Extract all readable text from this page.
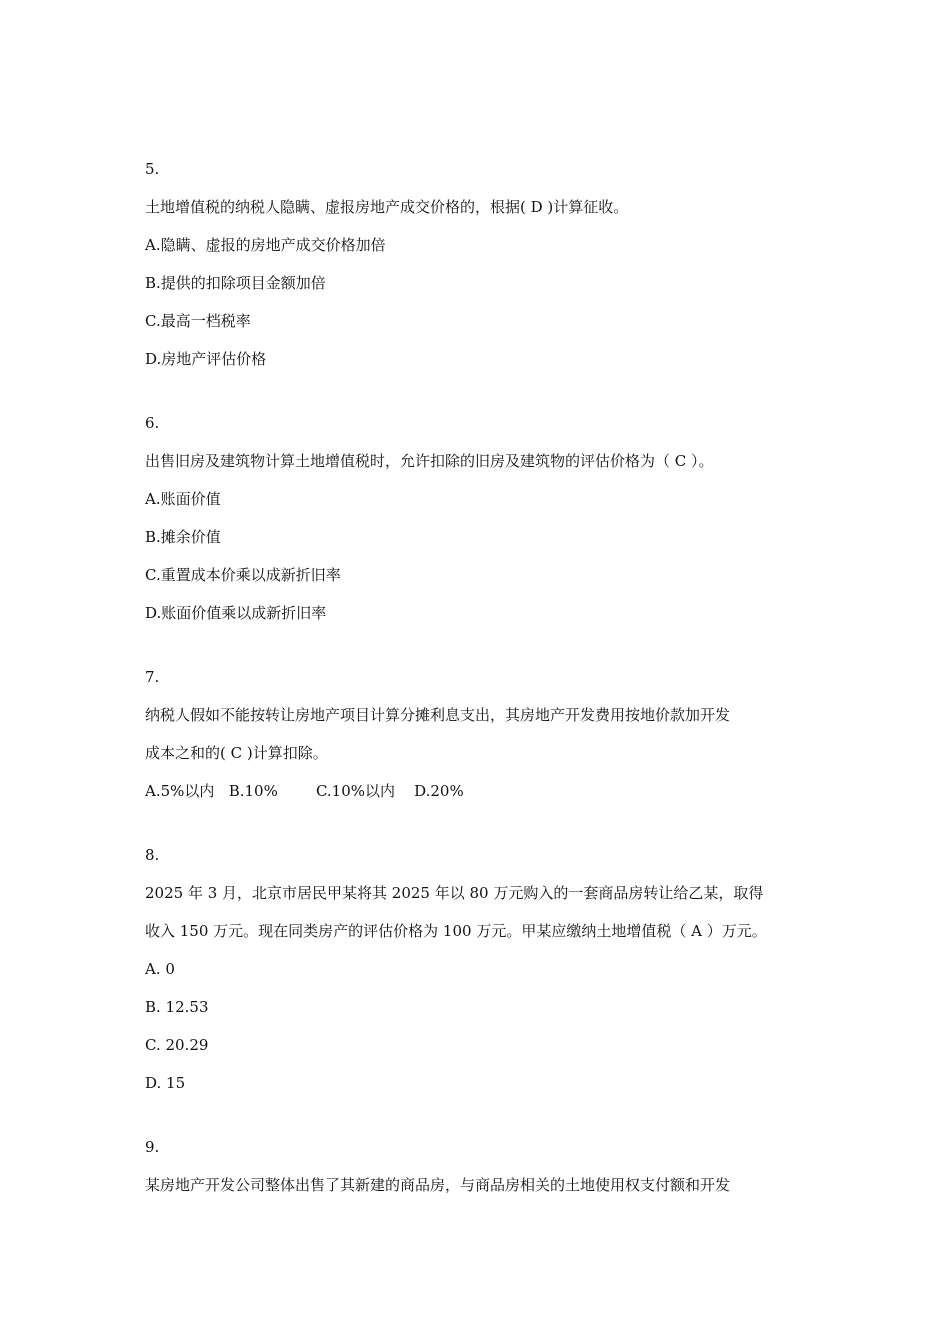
5.

土地增值税的纳税人隐瞒、虚报房地产成交价格的，根据( D )计算征收。

A.隐瞒、虚报的房地产成交价格加倍

B.提供的扣除项目金额加倍

C.最高一档税率

D.房地产评估价格

6.

出售旧房及建筑物计算土地增值税时，允许扣除的旧房及建筑物的评估价格为（ C ）。

A.账面价值

B.摊余价值

C.重置成本价乘以成新折旧率

D.账面价值乘以成新折旧率

7.

纳税人假如不能按转让房地产项目计算分摊利息支出，其房地产开发费用按地价款加开发

成本之和的( C )计算扣除。

A.5%以内   B.10%        C.10%以内    D.20%

8.

2025 年 3 月，北京市居民甲某将其 2025 年以 80 万元购入的一套商品房转让给乙某，取得

收入 150 万元。现在同类房产的评估价格为 100 万元。甲某应缴纳土地增值税（ A ）万元。

A. 0

B. 12.53

C. 20.29

D. 15

9.

某房地产开发公司整体出售了其新建的商品房，与商品房相关的土地使用权支付额和开发
